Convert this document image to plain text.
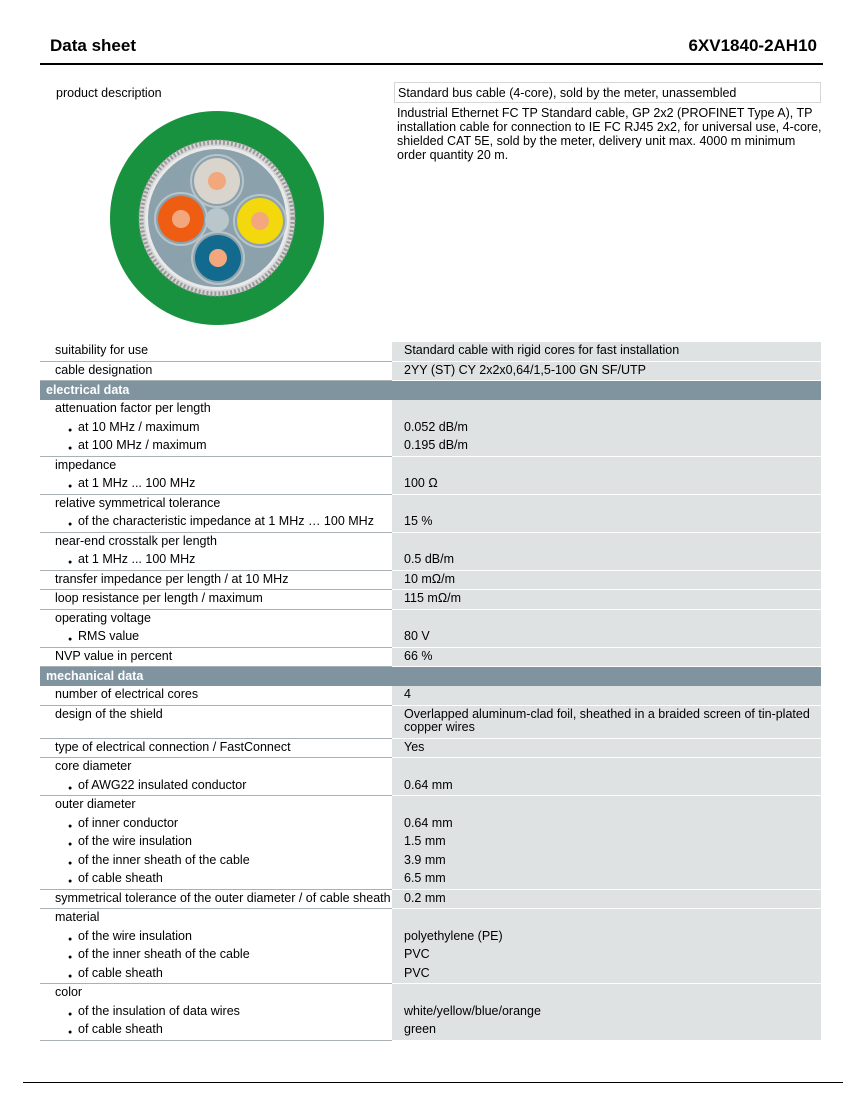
Data sheet	6XV1840-2AH10
product description	Standard bus cable (4-core), sold by the meter, unassembled
Industrial Ethernet FC TP Standard cable, GP 2x2 (PROFINET Type A), TP installation cable for connection to IE FC RJ45 2x2, for universal use, 4-core, shielded CAT 5E, sold by the meter, delivery unit max. 4000 m minimum order quantity 20 m.
suitability for use	Standard cable with rigid cores for fast installation
cable designation	2YY (ST) CY 2x2x0,64/1,5-100 GN SF/UTP
electrical data
attenuation factor per length
● at 10 MHz / maximum	0.052 dB/m
● at 100 MHz / maximum	0.195 dB/m
impedance
● at 1 MHz ... 100 MHz	100 Ω
relative symmetrical tolerance
● of the characteristic impedance at 1 MHz … 100 MHz	15 %
near-end crosstalk per length
● at 1 MHz ... 100 MHz	0.5 dB/m
transfer impedance per length / at 10 MHz	10 mΩ/m
loop resistance per length / maximum	115 mΩ/m
operating voltage
● RMS value	80 V
NVP value in percent	66 %
mechanical data
number of electrical cores	4
design of the shield	Overlapped aluminum-clad foil, sheathed in a braided screen of tin-plated copper wires
type of electrical connection / FastConnect	Yes
core diameter
● of AWG22 insulated conductor	0.64 mm
outer diameter
● of inner conductor	0.64 mm
● of the wire insulation	1.5 mm
● of the inner sheath of the cable	3.9 mm
● of cable sheath	6.5 mm
symmetrical tolerance of the outer diameter / of cable sheath 0.2 mm
material
● of the wire insulation	polyethylene (PE)
● of the inner sheath of the cable	PVC
● of cable sheath	PVC
color
● of the insulation of data wires	white/yellow/blue/orange
● of cable sheath	green
